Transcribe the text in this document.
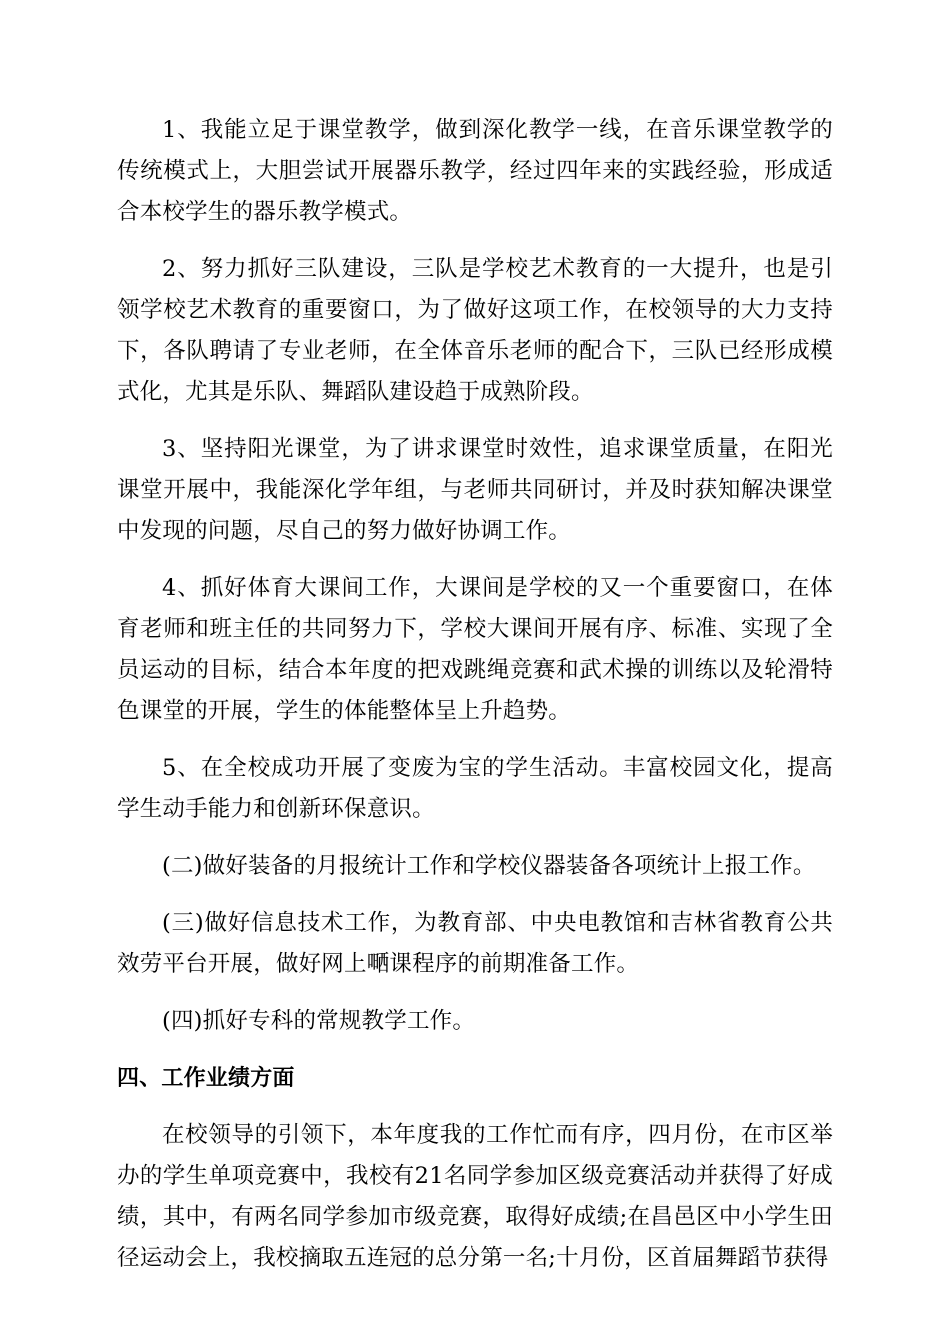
1、我能立足于课堂教学，做到深化教学一线，在音乐课堂教学的传统模式上，大胆尝试开展器乐教学，经过四年来的实践经验，形成适合本校学生的器乐教学模式。

2、努力抓好三队建设，三队是学校艺术教育的一大提升，也是引领学校艺术教育的重要窗口，为了做好这项工作，在校领导的大力支持下，各队聘请了专业老师，在全体音乐老师的配合下，三队已经形成模式化，尤其是乐队、舞蹈队建设趋于成熟阶段。

3、坚持阳光课堂，为了讲求课堂时效性，追求课堂质量，在阳光课堂开展中，我能深化学年组，与老师共同研讨，并及时获知解决课堂中发现的问题，尽自己的努力做好协调工作。

4、抓好体育大课间工作，大课间是学校的又一个重要窗口，在体育老师和班主任的共同努力下，学校大课间开展有序、标准、实现了全员运动的目标，结合本年度的把戏跳绳竞赛和武术操的训练以及轮滑特色课堂的开展，学生的体能整体呈上升趋势。

5、在全校成功开展了变废为宝的学生活动。丰富校园文化，提高学生动手能力和创新环保意识。

(二)做好装备的月报统计工作和学校仪器装备各项统计上报工作。

(三)做好信息技术工作，为教育部、中央电教馆和吉林省教育公共效劳平台开展，做好网上嗮课程序的前期准备工作。

(四)抓好专科的常规教学工作。

四、工作业绩方面

在校领导的引领下，本年度我的工作忙而有序，四月份，在市区举办的学生单项竞赛中，我校有21名同学参加区级竞赛活动并获得了好成绩，其中，有两名同学参加市级竞赛，取得好成绩;在昌邑区中小学生田径运动会上，我校摘取五连冠的总分第一名;十月份，区首届舞蹈节获得
